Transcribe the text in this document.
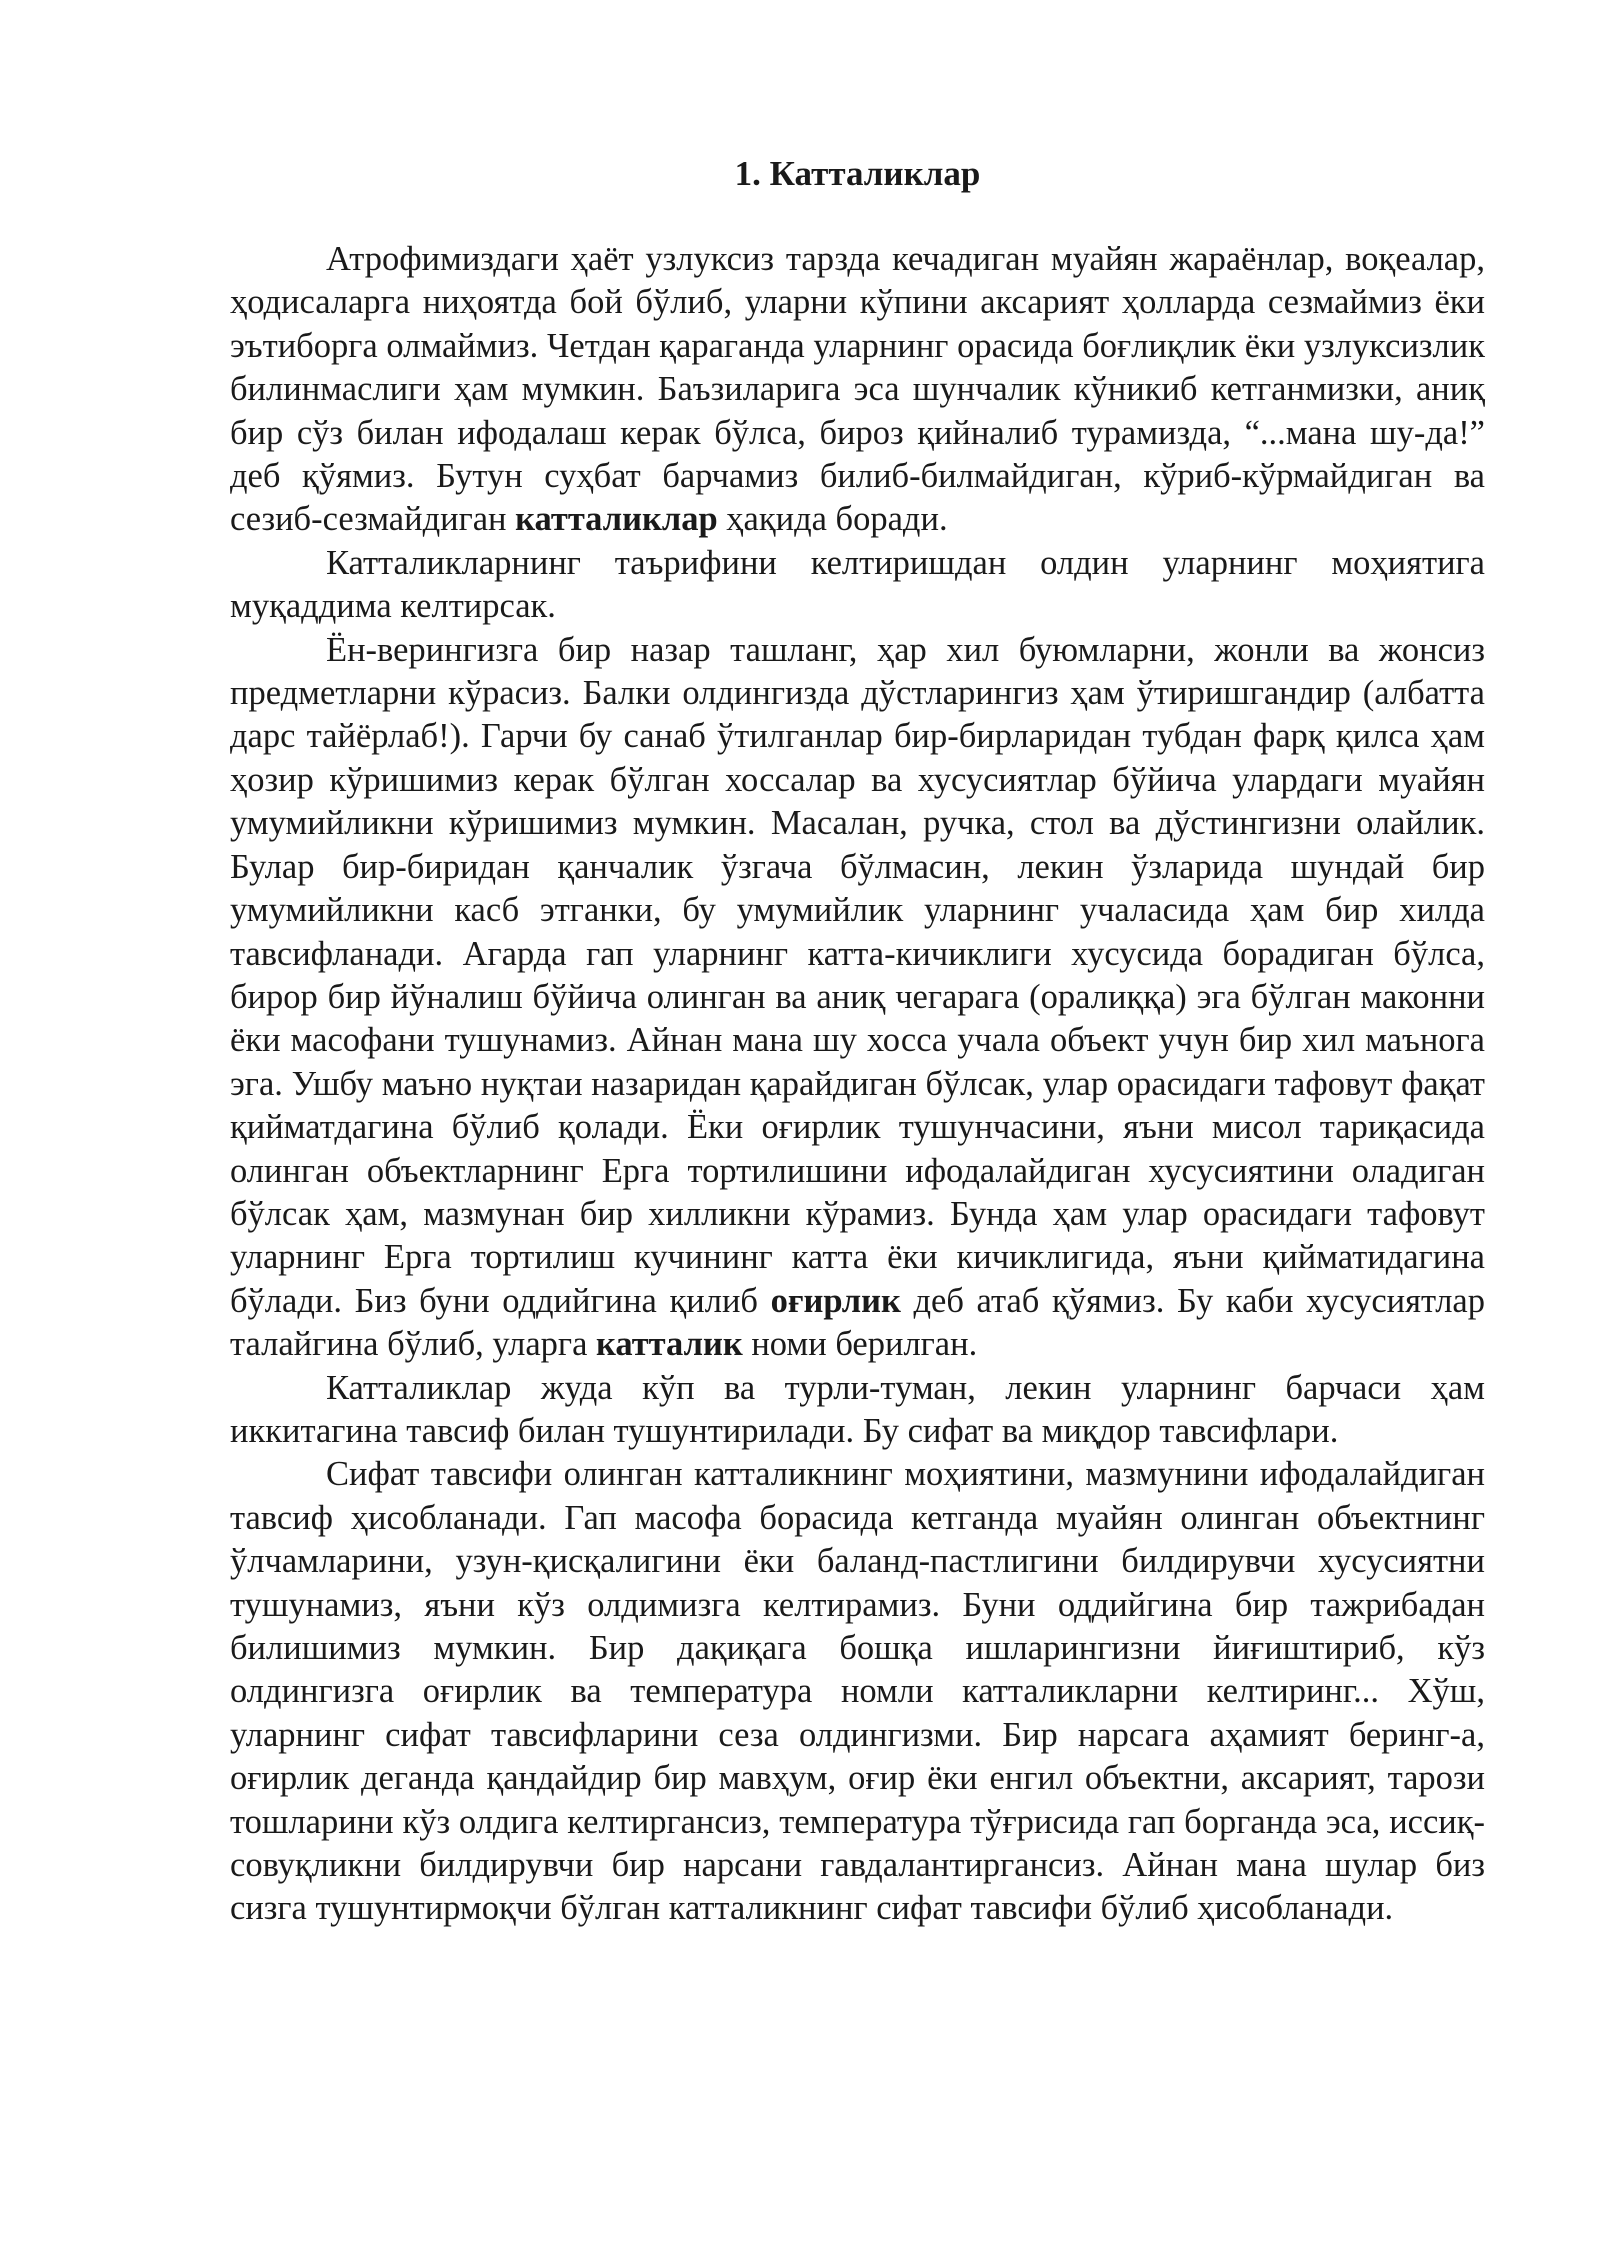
1. Катталиклар

Атрофимиздаги ҳаёт узлуксиз тарзда кечадиган муайян жараёнлар, воқеалар, ҳодисаларга ниҳоятда бой бўлиб, уларни кўпини аксарият ҳолларда сезмаймиз ёки эътиборга олмаймиз. Четдан қараганда уларнинг орасида боғлиқлик ёки узлуксизлик билинмаслиги ҳам мумкин. Баъзиларига эса шунчалик кўникиб кетганмизки, аниқ бир сўз билан ифодалаш керак бўлса, бироз қийналиб турамизда, “...мана шу-да!” деб қўямиз. Бутун суҳбат барчамиз билиб-билмайдиган, кўриб-кўрмайдиган ва сезиб-сезмайдиган катталиклар ҳақида боради.

Катталикларнинг таърифини келтиришдан олдин уларнинг моҳиятига муқаддима келтирсак.

Ён-верингизга бир назар ташланг, ҳар хил буюмларни, жонли ва жонсиз предметларни кўрасиз. Балки олдингизда дўстларингиз ҳам ўтиришгандир (албатта дарс тайёрлаб!). Гарчи бу санаб ўтилганлар бир-бирларидан тубдан фарқ қилса ҳам ҳозир кўришимиз керак бўлган хоссалар ва хусусиятлар бўйича улардаги муайян умумийликни кўришимиз мумкин. Масалан, ручка, стол ва дўстингизни олайлик. Булар бир-биридан қанчалик ўзгача бўлмасин, лекин ўзларида шундай бир умумийликни касб этганки, бу умумийлик уларнинг учаласида ҳам бир хилда тавсифланади. Агарда гап уларнинг катта-кичиклиги хусусида борадиган бўлса, бирор бир йўналиш бўйича олинган ва аниқ чегарага (оралиққа) эга бўлган маконни ёки масофани тушунамиз. Айнан мана шу хосса учала объект учун бир хил маънога эга. Ушбу маъно нуқтаи назаридан қарайдиган бўлсак, улар орасидаги тафовут фақат қийматдагина бўлиб қолади. Ёки оғирлик тушунчасини, яъни мисол тариқасида олинган объектларнинг Ерга тортилишини ифодалайдиган хусусиятини оладиган бўлсак ҳам, мазмунан бир хилликни кўрамиз. Бунда ҳам улар орасидаги тафовут уларнинг Ерга тортилиш кучининг катта ёки кичиклигида, яъни қийматидагина бўлади. Биз буни оддийгина қилиб оғирлик деб атаб қўямиз. Бу каби хусусиятлар талайгина бўлиб, уларга катталик номи берилган.

Катталиклар жуда кўп ва турли-туман, лекин уларнинг барчаси ҳам иккитагина тавсиф билан тушунтирилади. Бу сифат ва миқдор тавсифлари.

Сифат тавсифи олинган катталикнинг моҳиятини, мазмунини ифодалайдиган тавсиф ҳисобланади. Гап масофа борасида кетганда муайян олинган объектнинг ўлчамларини, узун-қисқалигини ёки баланд-пастлигини билдирувчи хусусиятни тушунамиз, яъни кўз олдимизга келтирамиз. Буни оддийгина бир тажрибадан билишимиз мумкин. Бир дақиқага бошқа ишларингизни йиғиштириб, кўз олдингизга оғирлик ва температура номли катталикларни келтиринг... Хўш, уларнинг сифат тавсифларини сеза олдингизми. Бир нарсага аҳамият беринг-а, оғирлик деганда қандайдир бир мавҳум, оғир ёки енгил объектни, аксарият, тарози тошларини кўз олдига келтиргансиз, температура тўғрисида гап борганда эса, иссиқ-совуқликни билдирувчи бир нарсани гавдалантиргансиз. Айнан мана шулар биз сизга тушунтирмоқчи бўлган катталикнинг сифат тавсифи бўлиб ҳисобланади.
